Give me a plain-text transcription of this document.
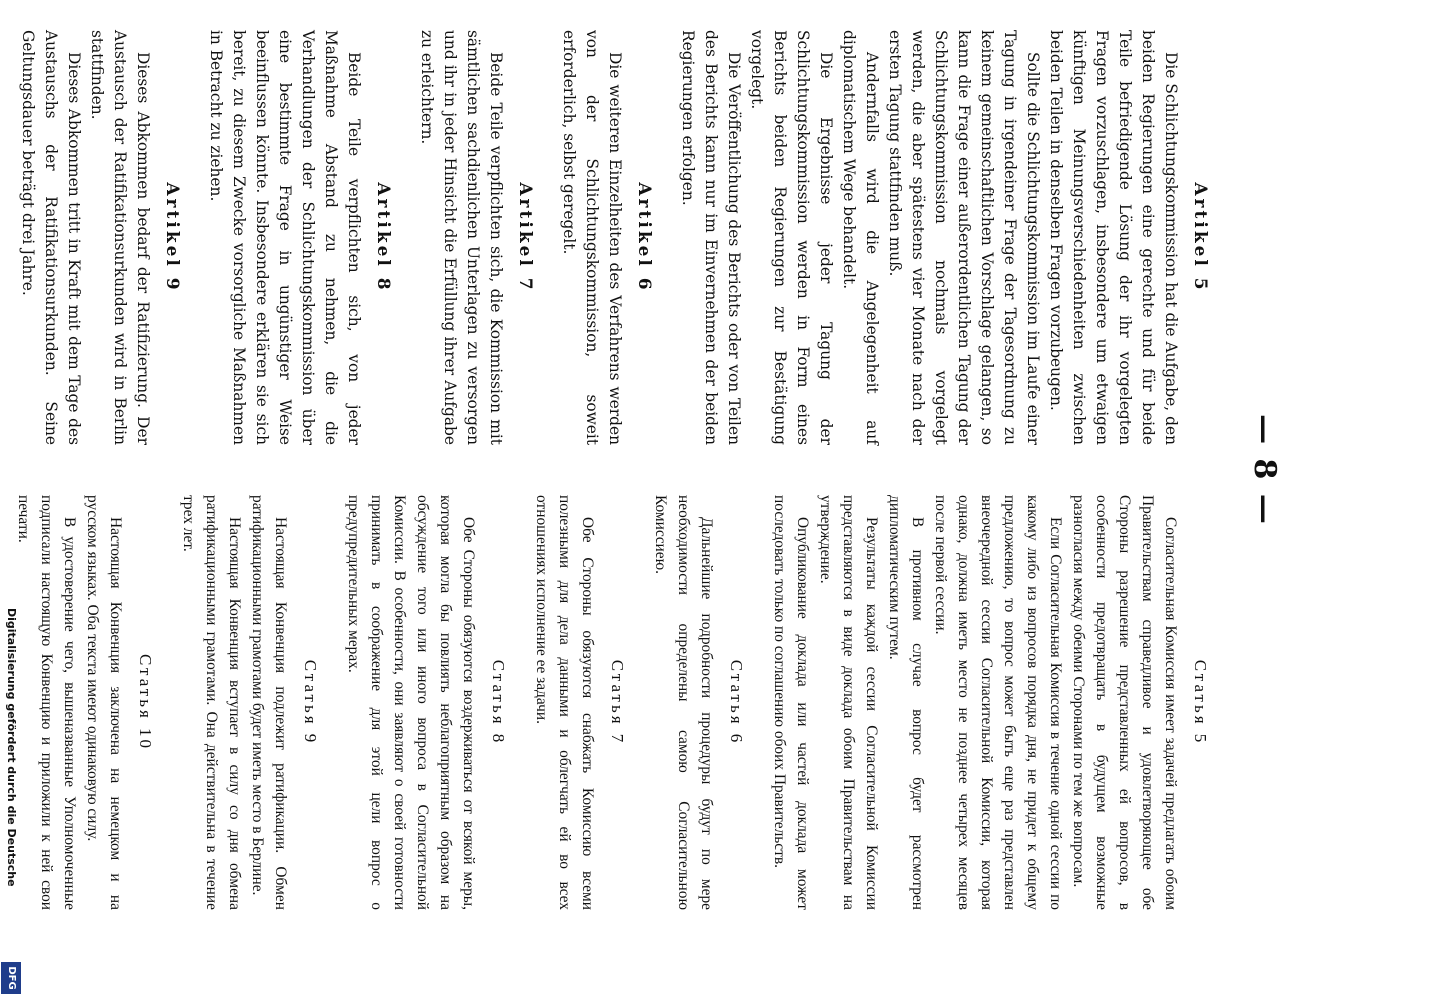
Digitalisierung gefördert durch die Deutsche
DFG
— 8 —
Artikel 5

Die Schlichtungskommission hat die Aufgabe, den beiden Regierungen eine gerechte und für beide Teile befriedigende Lösung der ihr vorgelegten Fragen vorzuschlagen, insbesondere um etwaigen künftigen Meinungsverschiedenheiten zwischen beiden Teilen in denselben Fragen vorzubeugen.

Sollte die Schlichtungskommission im Laufe einer Tagung in irgendeiner Frage der Tagesordnung zu keinem gemeinschaftlichen Vorschlage gelangen, so kann die Frage einer außerordentlichen Tagung der Schlichtungskommission nochmals vorgelegt werden, die aber spätestens vier Monate nach der ersten Tagung stattfinden muß.

Andernfalls wird die Angelegenheit auf diplomatischem Wege behandelt.

Die Ergebnisse jeder Tagung der Schlichtungskommission werden in Form eines Berichts beiden Regierungen zur Bestätigung vorgelegt.

Die Veröffentlichung des Berichts oder von Teilen des Berichts kann nur im Einvernehmen der beiden Regierungen erfolgen.

Artikel 6

Die weiteren Einzelheiten des Verfahrens werden von der Schlichtungskommission, soweit erforderlich, selbst geregelt.

Artikel 7

Beide Teile verpflichten sich, die Kommission mit sämtlichen sachdienlichen Unterlagen zu versorgen und ihr in jeder Hinsicht die Erfüllung ihrer Aufgabe zu erleichtern.

Artikel 8

Beide Teile verpflichten sich, von jeder Maßnahme Abstand zu nehmen, die die Verhandlungen der Schlichtungskommission über eine bestimmte Frage in ungünstiger Weise beeinflussen könnte. Insbesondere erklären sie sich bereit, zu diesem Zwecke vorsorgliche Maßnahmen in Betracht zu ziehen.

Artikel 9

Dieses Abkommen bedarf der Ratifizierung. Der Austausch der Ratifikationsurkunden wird in Berlin stattfinden.

Dieses Abkommen tritt in Kraft mit dem Tage des Austauschs der Ratifikationsurkunden. Seine Geltungsdauer beträgt drei Jahre.

Статья 5

Согласительная Комиссия имеет задачей предлагать обоим Правительствам справедливое и удовлетворяющее обе Стороны разрешение представленных ей вопросов, в особенности предотвращать в будущем возможные разногласия между обеими Сторонами по тем же вопросам.

Если Согласительная Комиссия в течение одной сессии по какому либо из вопросов порядка дня, не придет к общему предложению, то вопрос может быть еще раз представлен внеочередной сессии Согласительной Комиссии, которая однако, должна иметь место не позднее четырех месяцев после первой сессии.

В противном случае вопрос будет рассмотрен дипломатическим путем.

Результаты каждой сессии Согласительной Комиссии представляются в виде доклада обоим Правительствам на утверждение.

Опубликование доклада или частей доклада может последовать только по соглашению обоих Правительств.

Статья 6

Дальнейшие подробности процедуры будут по мере необходимости определены самою Согласительною Комиссиею.

Статья 7

Обе Стороны обязуются снабжать Комиссию всеми полезными для дела данными и облегчать ей во всех отношениях исполнение ее задачи.

Статья 8

Обе Стороны обязуются воздерживаться от всякой меры, которая могла бы повлиять неблагоприятным образом на обсуждение того или иного вопроса в Согласительной Комиссии. В особенности, они заявляют о своей готовности принимать в соображение для этой цели вопрос о предупредительных мерах.

Статья 9

Настоящая Конвенция подлежит ратификации. Обмен ратификационными грамотами будет иметь место в Берлине.

Настоящая Конвенция вступает в силу со дня обмена ратификационными грамотами. Она действительна в течение трех лет.

Статья 10

Настоящая Конвенция заключена на немецком и на русском языках. Оба текста имеют одинаковую силу.

В удостоверение чего, вышеназванные Уполномоченные подписали настоящую Конвенцию и приложили к ней свои печати.
